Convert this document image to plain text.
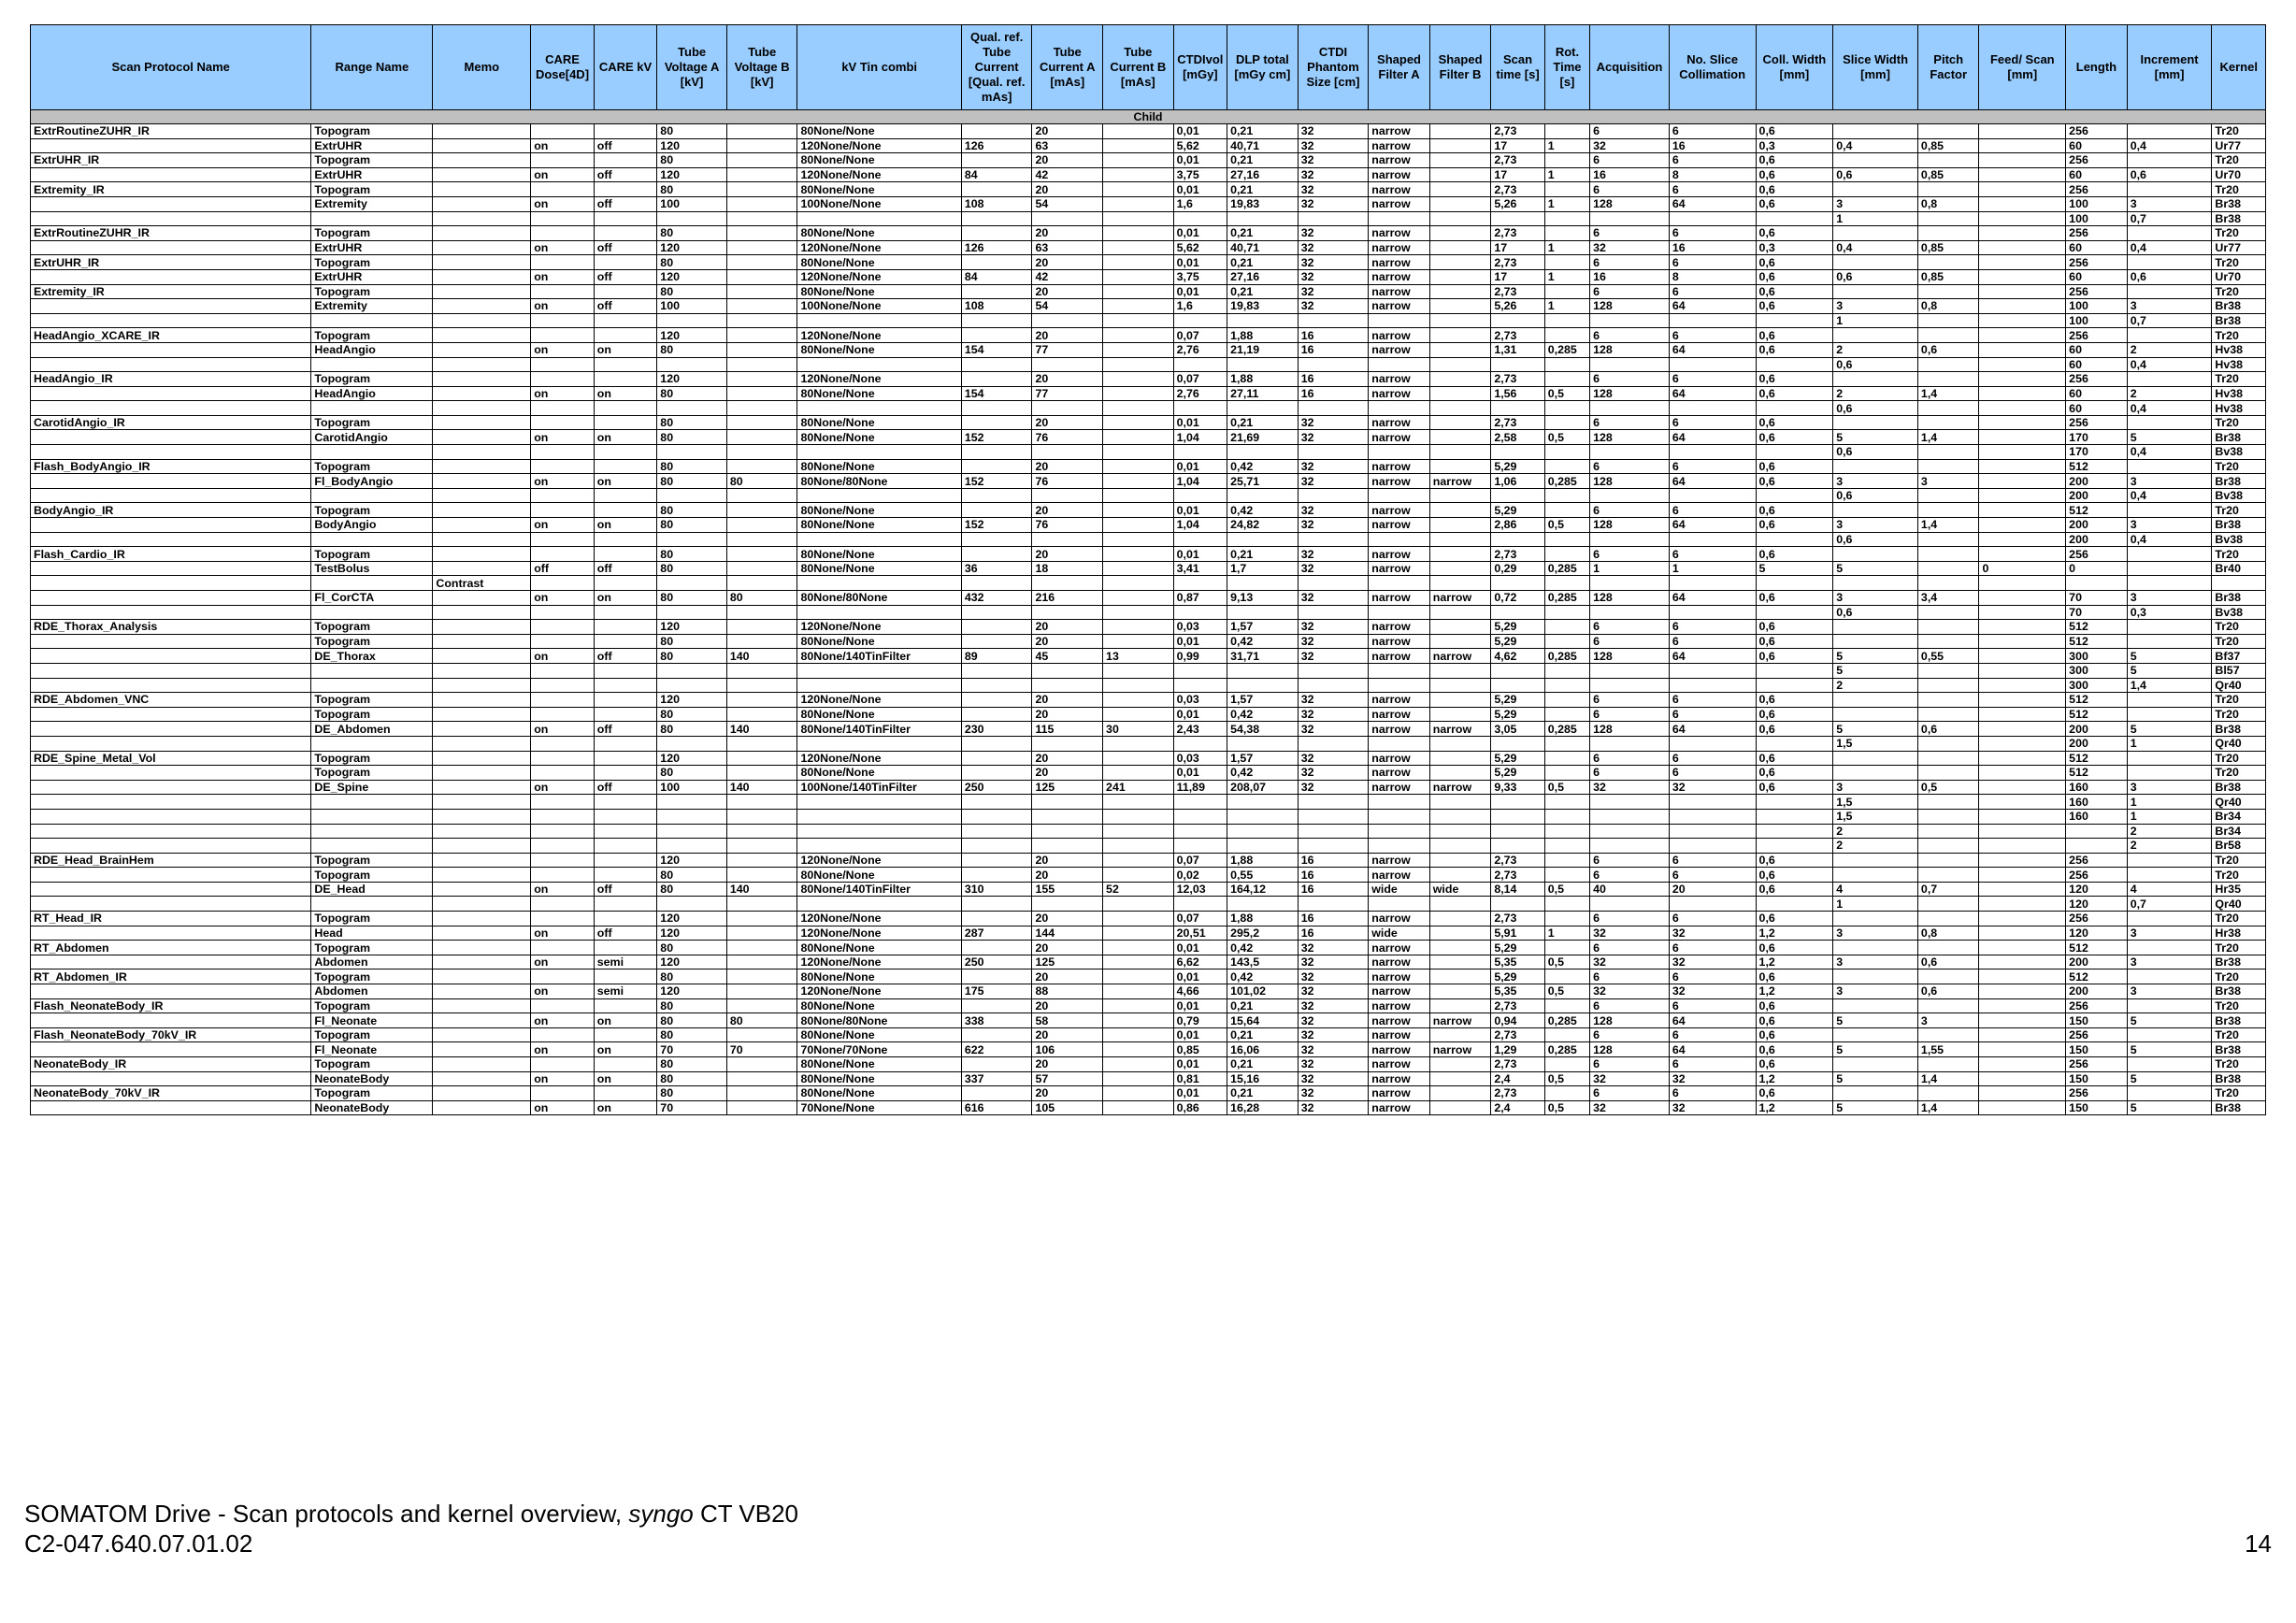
Scan Protocol Name	Range Name	Memo	CARE Dose[4D]	CARE kV	Tube Voltage A [kV]	Tube Voltage B [kV]	kV Tin combi	Qual. ref. Tube Current [Qual. ref. mAs]	Tube Current A [mAs]	Tube Current B [mAs]	CTDIvol [mGy]	DLP total [mGy cm]	CTDI Phantom Size [cm]	Shaped Filter A	Shaped Filter B	Scan time [s]	Rot. Time [s]	Acquisition	No. Slice Collimation	Coll. Width [mm]	Slice Width [mm]	Pitch Factor	Feed/ Scan [mm]	Length	Increment [mm]	Kernel
Child																										
ExtrRoutineZUHR_IR	Topogram				80		80None/None		20		0,01	0,21	32	narrow		2,73		6	6	0,6				256		Tr20
	ExtrUHR		on	off	120		120None/None	126	63		5,62	40,71	32	narrow		17	1	32	16	0,3	0,4	0,85		60	0,4	Ur77
ExtrUHR_IR	Topogram				80		80None/None		20		0,01	0,21	32	narrow		2,73		6	6	0,6				256		Tr20
	ExtrUHR		on	off	120		120None/None	84	42		3,75	27,16	32	narrow		17	1	16	8	0,6	0,6	0,85		60	0,6	Ur70
Extremity_IR	Topogram				80		80None/None		20		0,01	0,21	32	narrow		2,73		6	6	0,6				256		Tr20
	Extremity		on	off	100		100None/None	108	54		1,6	19,83	32	narrow		5,26	1	128	64	0,6	3	0,8		100	3	Br38
																					1			100	0,7	Br38
ExtrRoutineZUHR_IR	Topogram				80		80None/None		20		0,01	0,21	32	narrow		2,73		6	6	0,6				256		Tr20
	ExtrUHR		on	off	120		120None/None	126	63		5,62	40,71	32	narrow		17	1	32	16	0,3	0,4	0,85		60	0,4	Ur77
ExtrUHR_IR	Topogram				80		80None/None		20		0,01	0,21	32	narrow		2,73		6	6	0,6				256		Tr20
	ExtrUHR		on	off	120		120None/None	84	42		3,75	27,16	32	narrow		17	1	16	8	0,6	0,6	0,85		60	0,6	Ur70
Extremity_IR	Topogram				80		80None/None		20		0,01	0,21	32	narrow		2,73		6	6	0,6				256		Tr20
	Extremity		on	off	100		100None/None	108	54		1,6	19,83	32	narrow		5,26	1	128	64	0,6	3	0,8		100	3	Br38
																					1			100	0,7	Br38
HeadAngio_XCARE_IR	Topogram				120		120None/None		20		0,07	1,88	16	narrow		2,73		6	6	0,6				256		Tr20
	HeadAngio		on	on	80		80None/None	154	77		2,76	21,19	16	narrow		1,31	0,285	128	64	0,6	2	0,6		60	2	Hv38
																					0,6			60	0,4	Hv38
HeadAngio_IR	Topogram				120		120None/None		20		0,07	1,88	16	narrow		2,73		6	6	0,6				256		Tr20
	HeadAngio		on	on	80		80None/None	154	77		2,76	27,11	16	narrow		1,56	0,5	128	64	0,6	2	1,4		60	2	Hv38
																					0,6			60	0,4	Hv38
CarotidAngio_IR	Topogram				80		80None/None		20		0,01	0,21	32	narrow		2,73		6	6	0,6				256		Tr20
	CarotidAngio		on	on	80		80None/None	152	76		1,04	21,69	32	narrow		2,58	0,5	128	64	0,6	5	1,4		170	5	Br38
																					0,6			170	0,4	Bv38
Flash_BodyAngio_IR	Topogram				80		80None/None		20		0,01	0,42	32	narrow		5,29		6	6	0,6				512		Tr20
	Fl_BodyAngio		on	on	80	80	80None/80None	152	76		1,04	25,71	32	narrow	narrow	1,06	0,285	128	64	0,6	3	3		200	3	Br38
																					0,6			200	0,4	Bv38
BodyAngio_IR	Topogram				80		80None/None		20		0,01	0,42	32	narrow		5,29		6	6	0,6				512		Tr20
	BodyAngio		on	on	80		80None/None	152	76		1,04	24,82	32	narrow		2,86	0,5	128	64	0,6	3	1,4		200	3	Br38
																					0,6			200	0,4	Bv38
Flash_Cardio_IR	Topogram				80		80None/None		20		0,01	0,21	32	narrow		2,73		6	6	0,6				256		Tr20
	TestBolus		off	off	80		80None/None	36	18		3,41	1,7	32	narrow		0,29	0,285	1	1	5	5		0	0		Br40
		Contrast																								
	Fl_CorCTA		on	on	80	80	80None/80None	432	216		0,87	9,13	32	narrow	narrow	0,72	0,285	128	64	0,6	3	3,4		70	3	Br38
																					0,6			70	0,3	Bv38
RDE_Thorax_Analysis	Topogram				120		120None/None		20		0,03	1,57	32	narrow		5,29		6	6	0,6				512		Tr20
	Topogram				80		80None/None		20		0,01	0,42	32	narrow		5,29		6	6	0,6				512		Tr20
	DE_Thorax		on	off	80	140	80None/140TinFilter	89	45	13	0,99	31,71	32	narrow	narrow	4,62	0,285	128	64	0,6	5	0,55		300	5	Bf37
																					5			300	5	Bl57
																					2			300	1,4	Qr40
RDE_Abdomen_VNC	Topogram				120		120None/None		20		0,03	1,57	32	narrow		5,29		6	6	0,6				512		Tr20
	Topogram				80		80None/None		20		0,01	0,42	32	narrow		5,29		6	6	0,6				512		Tr20
	DE_Abdomen		on	off	80	140	80None/140TinFilter	230	115	30	2,43	54,38	32	narrow	narrow	3,05	0,285	128	64	0,6	5	0,6		200	5	Br38
																					1,5			200	1	Qr40
RDE_Spine_Metal_Vol	Topogram				120		120None/None		20		0,03	1,57	32	narrow		5,29		6	6	0,6				512		Tr20
	Topogram				80		80None/None		20		0,01	0,42	32	narrow		5,29		6	6	0,6				512		Tr20
	DE_Spine		on	off	100	140	100None/140TinFilter	250	125	241	11,89	208,07	32	narrow	narrow	9,33	0,5	32	32	0,6	3	0,5		160	3	Br38
																					1,5			160	1	Qr40
																					1,5			160	1	Br34
																					2				2	Br34
																					2				2	Br58
RDE_Head_BrainHem	Topogram				120		120None/None		20		0,07	1,88	16	narrow		2,73		6	6	0,6				256		Tr20
	Topogram				80		80None/None		20		0,02	0,55	16	narrow		2,73		6	6	0,6				256		Tr20
	DE_Head		on	off	80	140	80None/140TinFilter	310	155	52	12,03	164,12	16	wide	wide	8,14	0,5	40	20	0,6	4	0,7		120	4	Hr35
																					1			120	0,7	Qr40
RT_Head_IR	Topogram				120		120None/None		20		0,07	1,88	16	narrow		2,73		6	6	0,6				256		Tr20
	Head		on	off	120		120None/None	287	144		20,51	295,2	16	wide		5,91	1	32	32	1,2	3	0,8		120	3	Hr38
RT_Abdomen	Topogram				80		80None/None		20		0,01	0,42	32	narrow		5,29		6	6	0,6				512		Tr20
	Abdomen		on	semi	120		120None/None	250	125		6,62	143,5	32	narrow		5,35	0,5	32	32	1,2	3	0,6		200	3	Br38
RT_Abdomen_IR	Topogram				80		80None/None		20		0,01	0,42	32	narrow		5,29		6	6	0,6				512		Tr20
	Abdomen		on	semi	120		120None/None	175	88		4,66	101,02	32	narrow		5,35	0,5	32	32	1,2	3	0,6		200	3	Br38
Flash_NeonateBody_IR	Topogram				80		80None/None		20		0,01	0,21	32	narrow		2,73		6	6	0,6				256		Tr20
	Fl_Neonate		on	on	80	80	80None/80None	338	58		0,79	15,64	32	narrow	narrow	0,94	0,285	128	64	0,6	5	3		150	5	Br38
Flash_NeonateBody_70kV_IR	Topogram				80		80None/None		20		0,01	0,21	32	narrow		2,73		6	6	0,6				256		Tr20
	Fl_Neonate		on	on	70	70	70None/70None	622	106		0,85	16,06	32	narrow	narrow	1,29	0,285	128	64	0,6	5	1,55		150	5	Br38
NeonateBody_IR	Topogram				80		80None/None		20		0,01	0,21	32	narrow		2,73		6	6	0,6				256		Tr20
	NeonateBody		on	on	80		80None/None	337	57		0,81	15,16	32	narrow		2,4	0,5	32	32	1,2	5	1,4		150	5	Br38
NeonateBody_70kV_IR	Topogram				80		80None/None		20		0,01	0,21	32	narrow		2,73		6	6	0,6				256		Tr20
	NeonateBody		on	on	70		70None/None	616	105		0,86	16,28	32	narrow		2,4	0,5	32	32	1,2	5	1,4		150	5	Br38
SOMATOM Drive - Scan protocols and kernel overview, syngo CT VB20
C2-047.640.07.01.02	14
